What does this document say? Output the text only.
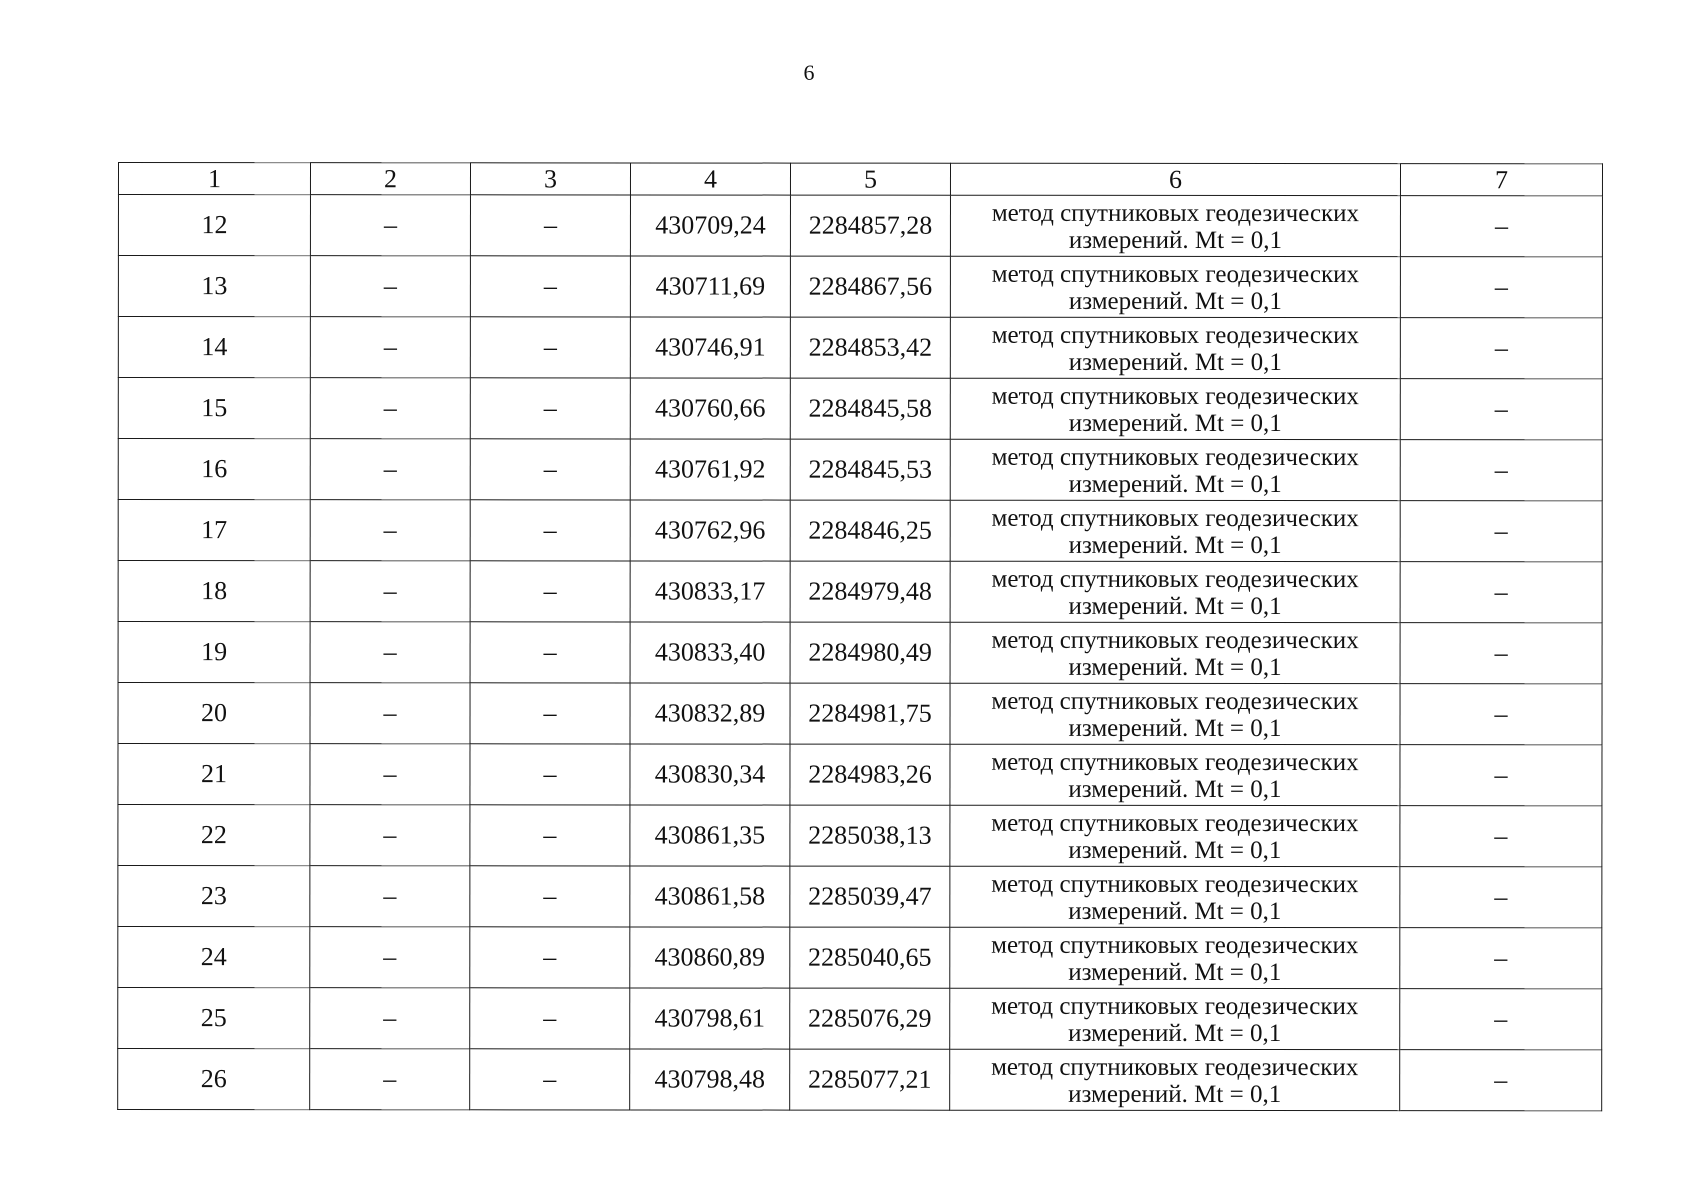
6
1	2	3	4	5	6	7
12	–	–	430709,24	2284857,28	метод спутниковых геодезических
измерений. Mt = 0,1	–
13	–	–	430711,69	2284867,56	метод спутниковых геодезических
измерений. Mt = 0,1	–
14	–	–	430746,91	2284853,42	метод спутниковых геодезических
измерений. Mt = 0,1	–
15	–	–	430760,66	2284845,58	метод спутниковых геодезических
измерений. Mt = 0,1	–
16	–	–	430761,92	2284845,53	метод спутниковых геодезических
измерений. Mt = 0,1	–
17	–	–	430762,96	2284846,25	метод спутниковых геодезических
измерений. Mt = 0,1	–
18	–	–	430833,17	2284979,48	метод спутниковых геодезических
измерений. Mt = 0,1	–
19	–	–	430833,40	2284980,49	метод спутниковых геодезических
измерений. Mt = 0,1	–
20	–	–	430832,89	2284981,75	метод спутниковых геодезических
измерений. Mt = 0,1	–
21	–	–	430830,34	2284983,26	метод спутниковых геодезических
измерений. Mt = 0,1	–
22	–	–	430861,35	2285038,13	метод спутниковых геодезических
измерений. Mt = 0,1	–
23	–	–	430861,58	2285039,47	метод спутниковых геодезических
измерений. Mt = 0,1	–
24	–	–	430860,89	2285040,65	метод спутниковых геодезических
измерений. Mt = 0,1	–
25	–	–	430798,61	2285076,29	метод спутниковых геодезических
измерений. Mt = 0,1	–
26	–	–	430798,48	2285077,21	метод спутниковых геодезических
измерений. Mt = 0,1	–
